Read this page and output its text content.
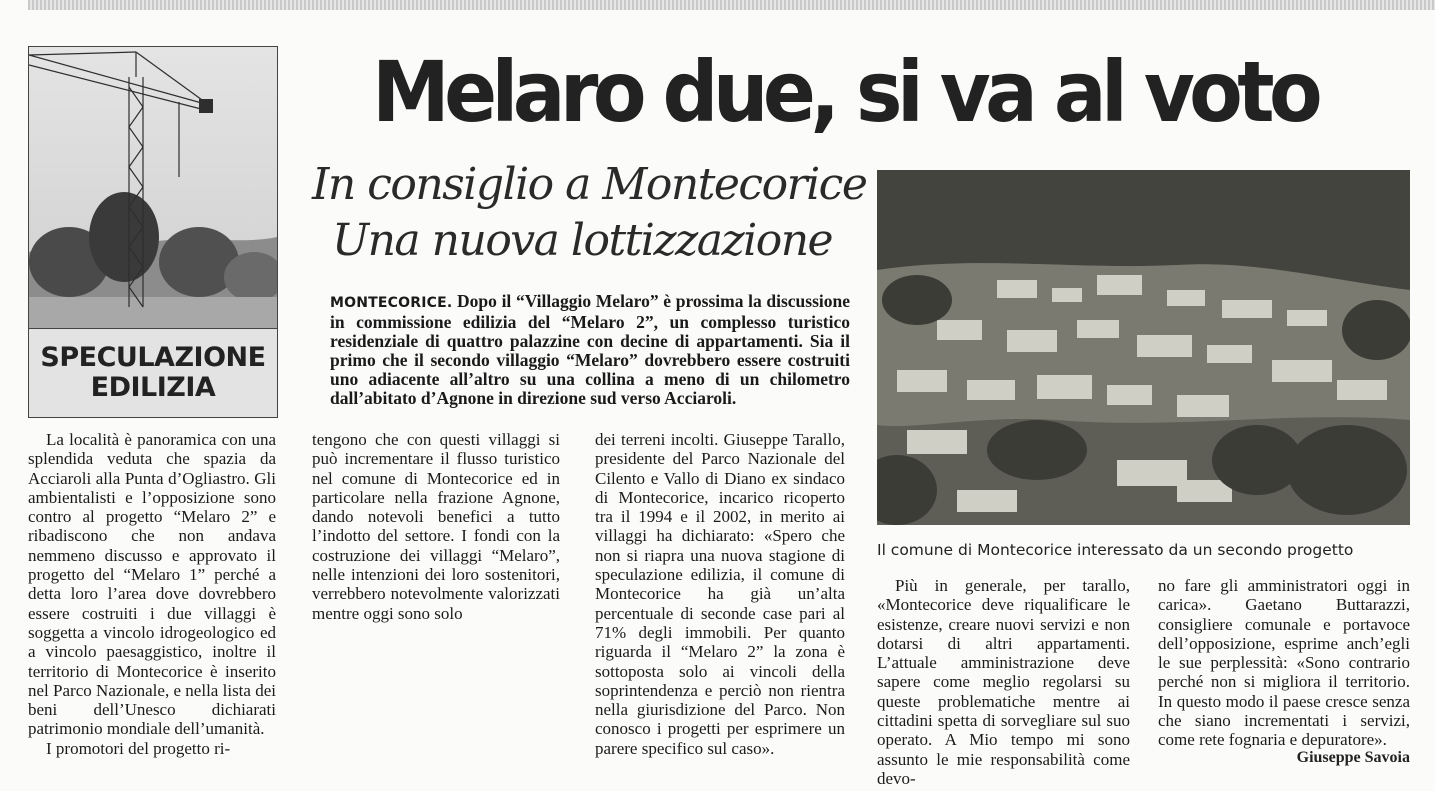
SPECULAZIONE
EDILIZIA
Melaro due, si va al voto
In consiglio a Montecorice
Una nuova lottizzazione
MONTECORICE. Dopo il “Villaggio Melaro” è prossima la discussione in commissione edilizia del “Melaro 2”, un complesso turistico residenziale di quattro palazzine con decine di appartamenti. Sia il primo che il secondo villaggio “Melaro” dovrebbero essere costruiti uno adiacente all’altro su una collina a meno di un chilometro dall’abitato d’Agnone in direzione sud verso Acciaroli.
Il comune di Montecorice interessato da un secondo progetto

La località è panoramica con una splendida veduta che spazia da Acciaroli alla Punta d’Ogliastro. Gli ambientalisti e l’opposizione sono contro al progetto “Melaro 2” e ribadiscono che non andava nemmeno discusso e approvato il progetto del “Melaro 1” perché a detta loro l’area dove dovrebbero essere costruiti i due villaggi è soggetta a vincolo idrogeologico ed a vincolo paesaggistico, inoltre il territorio di Montecorice è inserito nel Parco Nazionale, e nella lista dei beni dell’Unesco dichiarati patrimonio mondiale dell’umanità.

I promotori del progetto ri-

tengono che con questi villaggi si può incrementare il flusso turistico nel comune di Montecorice ed in particolare nella frazione Agnone, dando notevoli benefici a tutto l’indotto del settore. I fondi con la costruzione dei villaggi “Melaro”, nelle intenzioni dei loro sostenitori, verrebbero notevolmente valorizzati mentre oggi sono solo

dei terreni incolti. Giuseppe Tarallo, presidente del Parco Nazionale del Cilento e Vallo di Diano ex sindaco di Montecorice, incarico ricoperto tra il 1994 e il 2002, in merito ai villaggi ha dichiarato: «Spero che non si riapra una nuova stagione di speculazione edilizia, il comune di Montecorice ha già un’alta percentuale di seconde case pari al 71% degli immobili. Per quanto riguarda il “Melaro 2” la zona è sottoposta solo ai vincoli della soprintendenza e perciò non rientra nella giurisdizione del Parco. Non conosco i progetti per esprimere un parere specifico sul caso».

Più in generale, per tarallo, «Montecorice deve riqualificare le esistenze, creare nuovi servizi e non dotarsi di altri appartamenti. L’attuale amministrazione deve sapere come meglio regolarsi su queste problematiche mentre ai cittadini spetta di sorvegliare sul suo operato. A Mio tempo mi sono assunto le mie responsabilità come devo-

no fare gli amministratori oggi in carica». Gaetano Buttarazzi, consigliere comunale e portavoce dell’opposizione, esprime anch’egli le sue perplessità: «Sono contrario perché non si migliora il territorio. In questo modo il paese cresce senza che siano incrementati i servizi, come rete fognaria e depuratore».

Giuseppe Savoia
